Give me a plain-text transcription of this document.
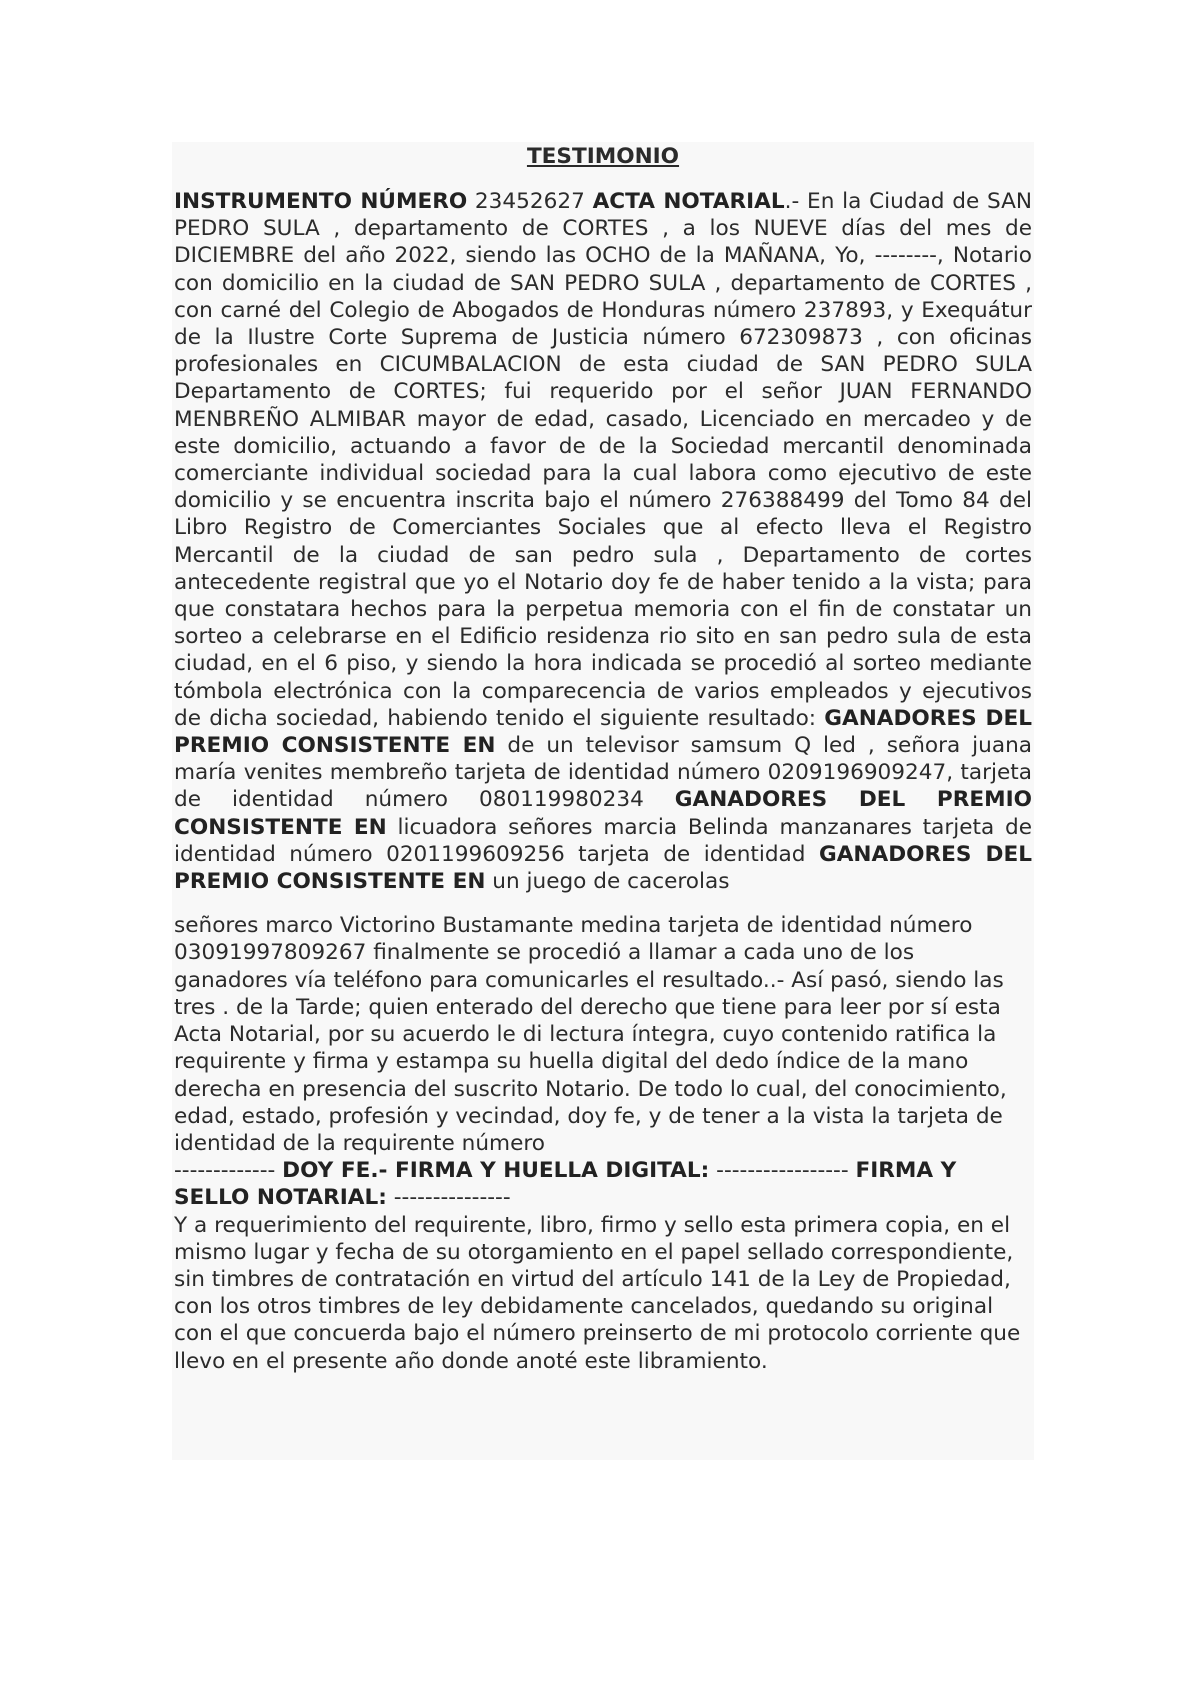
TESTIMONIO

INSTRUMENTO NÚMERO 23452627 ACTA NOTARIAL.- En la Ciudad de SAN PEDRO SULA , departamento de CORTES , a los NUEVE días del mes de DICIEMBRE del año 2022, siendo las OCHO de la MAÑANA, Yo, --------, Notario con domicilio en la ciudad de SAN PEDRO SULA , departamento de CORTES , con carné del Colegio de Abogados de Honduras número 237893, y Exequátur de la Ilustre Corte Suprema de Justicia número 672309873 , con oficinas profesionales en CICUMBALACION de esta ciudad de SAN PEDRO SULA Departamento de CORTES; fui requerido por el señor JUAN FERNANDO MENBREÑO ALMIBAR mayor de edad, casado, Licenciado en mercadeo y de este domicilio, actuando a favor de de la Sociedad mercantil denominada comerciante individual sociedad para la cual labora como ejecutivo de este domicilio y se encuentra inscrita bajo el número 276388499 del Tomo 84 del Libro Registro de Comerciantes Sociales que al efecto lleva el Registro Mercantil de la ciudad de san pedro sula , Departamento de cortes antecedente registral que yo el Notario doy fe de haber tenido a la vista; para que constatara hechos para la perpetua memoria con el fin de constatar un sorteo a celebrarse en el Edificio residenza rio sito en san pedro sula de esta ciudad, en el 6 piso, y siendo la hora indicada se procedió al sorteo mediante tómbola electrónica con la comparecencia de varios empleados y ejecutivos de dicha sociedad, habiendo tenido el siguiente resultado: GANADORES DEL PREMIO CONSISTENTE EN de un televisor samsum Q led , señora juana maría venites membreño tarjeta de identidad número 0209196909247, tarjeta de identidad número 080119980234 GANADORES DEL PREMIO CONSISTENTE EN licuadora señores marcia Belinda manzanares tarjeta de identidad número 0201199609256 tarjeta de identidad GANADORES DEL PREMIO CONSISTENTE EN un juego de cacerolas

señores marco Victorino Bustamante medina tarjeta de identidad número 03091997809267 finalmente se procedió a llamar a cada uno de los ganadores vía teléfono para comunicarles el resultado..- Así pasó, siendo las tres . de la Tarde; quien enterado del derecho que tiene para leer por sí esta Acta Notarial, por su acuerdo le di lectura íntegra, cuyo contenido ratifica la requirente y firma y estampa su huella digital del dedo índice de la mano derecha en presencia del suscrito Notario. De todo lo cual, del conocimiento, edad, estado, profesión y vecindad, doy fe, y de tener a la vista la tarjeta de identidad de la requirente número
------------- DOY FE.- FIRMA Y HUELLA DIGITAL: ----------------- FIRMA Y SELLO NOTARIAL: ---------------
Y a requerimiento del requirente, libro, firmo y sello esta primera copia, en el mismo lugar y fecha de su otorgamiento en el papel sellado correspondiente, sin timbres de contratación en virtud del artículo 141 de la Ley de Propiedad, con los otros timbres de ley debidamente cancelados, quedando su original con el que concuerda bajo el número preinserto de mi protocolo corriente que llevo en el presente año donde anoté este libramiento.
